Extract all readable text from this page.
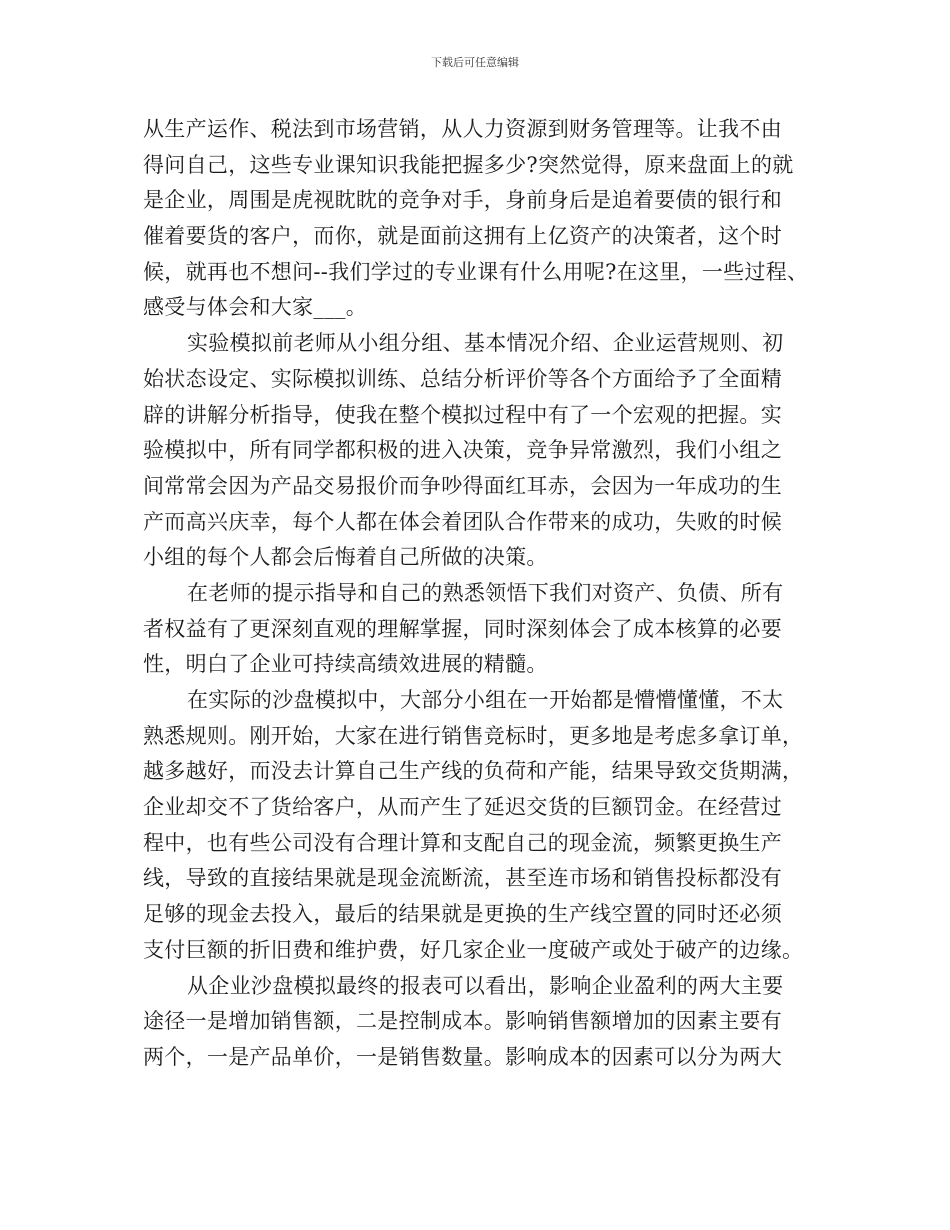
下载后可任意编辑
从生产运作、税法到市场营销，从人力资源到财务管理等。让我不由
得问自己，这些专业课知识我能把握多少?突然觉得，原来盘面上的就
是企业，周围是虎视眈眈的竞争对手，身前身后是追着要债的银行和
催着要货的客户，而你，就是面前这拥有上亿资产的决策者，这个时
候，就再也不想问--我们学过的专业课有什么用呢?在这里，一些过程、
感受与体会和大家___。
实验模拟前老师从小组分组、基本情况介绍、企业运营规则、初
始状态设定、实际模拟训练、总结分析评价等各个方面给予了全面精
辟的讲解分析指导，使我在整个模拟过程中有了一个宏观的把握。实
验模拟中，所有同学都积极的进入决策，竞争异常激烈，我们小组之
间常常会因为产品交易报价而争吵得面红耳赤，会因为一年成功的生
产而高兴庆幸，每个人都在体会着团队合作带来的成功，失败的时候
小组的每个人都会后悔着自己所做的决策。
在老师的提示指导和自己的熟悉领悟下我们对资产、负债、所有
者权益有了更深刻直观的理解掌握，同时深刻体会了成本核算的必要
性，明白了企业可持续高绩效进展的精髓。
在实际的沙盘模拟中，大部分小组在一开始都是懵懵懂懂，不太
熟悉规则。刚开始，大家在进行销售竞标时，更多地是考虑多拿订单，
越多越好，而没去计算自己生产线的负荷和产能，结果导致交货期满，
企业却交不了货给客户，从而产生了延迟交货的巨额罚金。在经营过
程中，也有些公司没有合理计算和支配自己的现金流，频繁更换生产
线，导致的直接结果就是现金流断流，甚至连市场和销售投标都没有
足够的现金去投入，最后的结果就是更换的生产线空置的同时还必须
支付巨额的折旧费和维护费，好几家企业一度破产或处于破产的边缘。
从企业沙盘模拟最终的报表可以看出，影响企业盈利的两大主要
途径一是增加销售额，二是控制成本。影响销售额增加的因素主要有
两个，一是产品单价，一是销售数量。影响成本的因素可以分为两大
